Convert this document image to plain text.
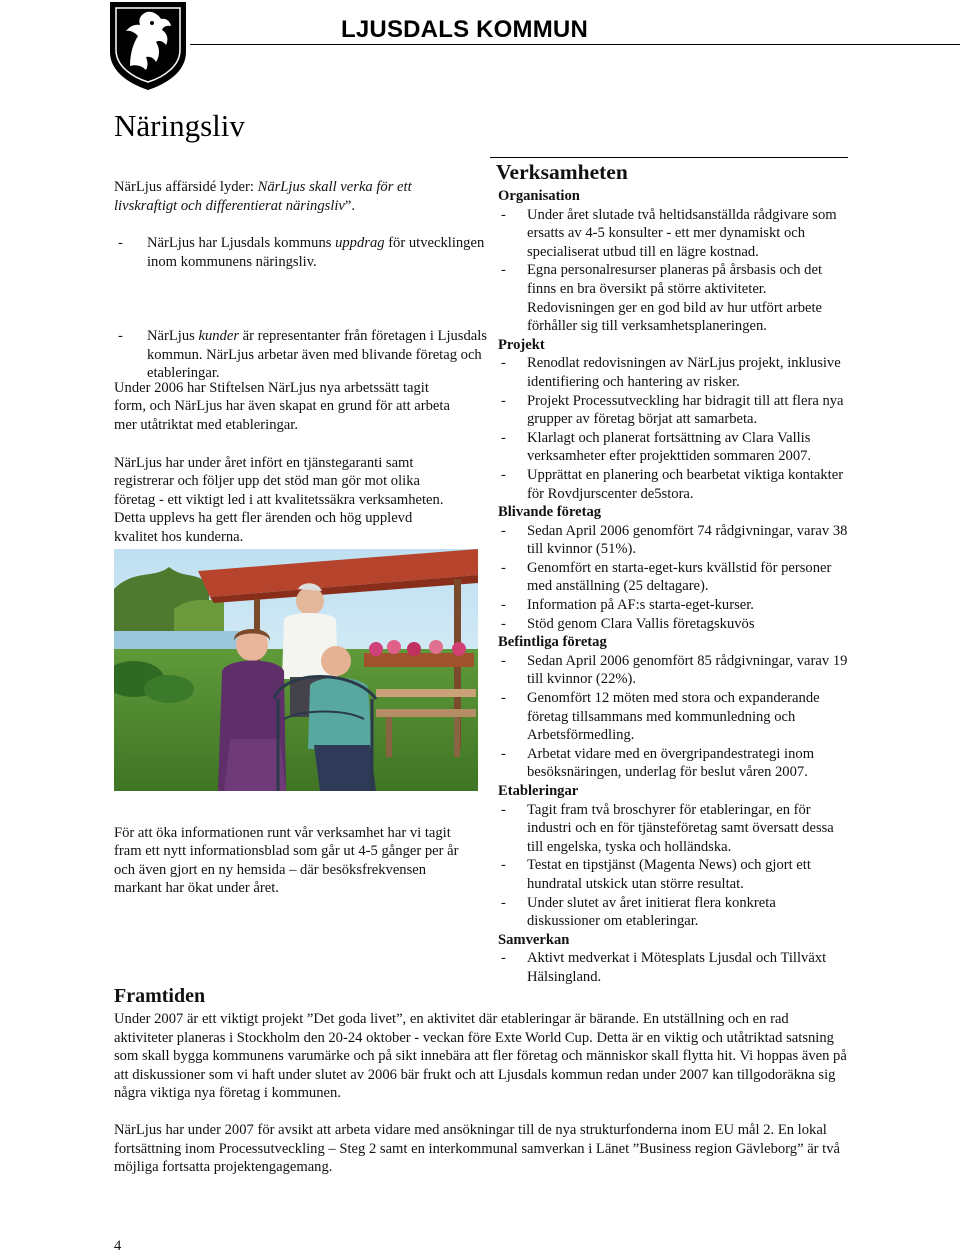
LJUSDALS KOMMUN
Näringsliv

NärLjus affärsidé lyder: NärLjus skall verka för ett livskraftigt och differentierat näringsliv”.

- NärLjus har Ljusdals kommuns uppdrag för utvecklingen inom kommunens näringsliv.
- NärLjus kunder är representanter från företagen i Ljusdals kommun. NärLjus arbetar även med blivande företag och etableringar.

Under 2006 har Stiftelsen NärLjus nya arbetssätt tagit form, och NärLjus har även skapat en grund för att arbeta mer utåtriktat med etableringar.

NärLjus har under året infört en tjänstegaranti samt registrerar och följer upp det stöd man gör mot olika företag - ett viktigt led i att kvalitetssäkra verksamheten. Detta upplevs ha gett fler ärenden och hög upplevd kvalitet hos kunderna.

För att öka informationen runt vår verksamhet har vi tagit fram ett nytt informationsblad som går ut 4-5 gånger per år och även gjort en ny hemsida – där besöksfrekvensen markant har ökat under året.

Verksamheten
Organisation
- Under året slutade två heltidsanställda rådgivare som ersatts av 4-5 konsulter - ett mer dynamiskt och specialiserat utbud till en lägre kostnad.
- Egna personalresurser planeras på årsbasis och det finns en bra översikt på större aktiviteter. Redovisningen ger en god bild av hur utfört arbete förhåller sig till verksamhetsplaneringen.
Projekt
- Renodlat redovisningen av NärLjus projekt, inklusive identifiering och hantering av risker.
- Projekt Processutveckling har bidragit till att flera nya grupper av företag börjat att samarbeta.
- Klarlagt och planerat fortsättning av Clara Vallis verksamheter efter projekttiden sommaren 2007.
- Upprättat en planering och bearbetat viktiga kontakter för Rovdjurscenter de5stora.
Blivande företag
- Sedan April 2006 genomfört 74 rådgivningar, varav 38 till kvinnor (51%).
- Genomfört en starta-eget-kurs kvällstid för personer med anställning (25 deltagare).
- Information på AF:s starta-eget-kurser.
- Stöd genom Clara Vallis företagskuvös
Befintliga företag
- Sedan April 2006 genomfört 85 rådgivningar, varav 19 till kvinnor (22%).
- Genomfört 12 möten med stora och expanderande företag tillsammans med kommunledning och Arbetsförmedling.
- Arbetat vidare med en övergripandestrategi inom besöksnäringen, underlag för beslut våren 2007.
Etableringar
- Tagit fram två broschyrer för etableringar, en för industri och en för tjänsteföretag samt översatt dessa till engelska, tyska och holländska.
- Testat en tipstjänst (Magenta News) och gjort ett hundratal utskick utan större resultat.
- Under slutet av året initierat flera konkreta diskussioner om etableringar.
Samverkan
- Aktivt medverkat i Mötesplats Ljusdal och Tillväxt Hälsingland.
Framtiden

Under 2007 är ett viktigt projekt ”Det goda livet”, en aktivitet där etableringar är bärande. En utställning och en rad aktiviteter planeras i Stockholm den 20-24 oktober - veckan före Exte World Cup. Detta är en viktig och utåtriktad satsning som skall bygga kommunens varumärke och på sikt innebära att fler företag och människor skall flytta hit. Vi hoppas även på att diskussioner som vi haft under slutet av 2006 bär frukt och att Ljusdals kommun redan under 2007 kan tillgodoräkna sig några viktiga nya företag i kommunen.

NärLjus har under 2007 för avsikt att arbeta vidare med ansökningar till de nya strukturfonderna inom EU mål 2. En lokal fortsättning inom Processutveckling – Steg 2 samt en interkommunal samverkan i Länet ”Business region Gävleborg” är två möjliga fortsatta projektengagemang.

4
